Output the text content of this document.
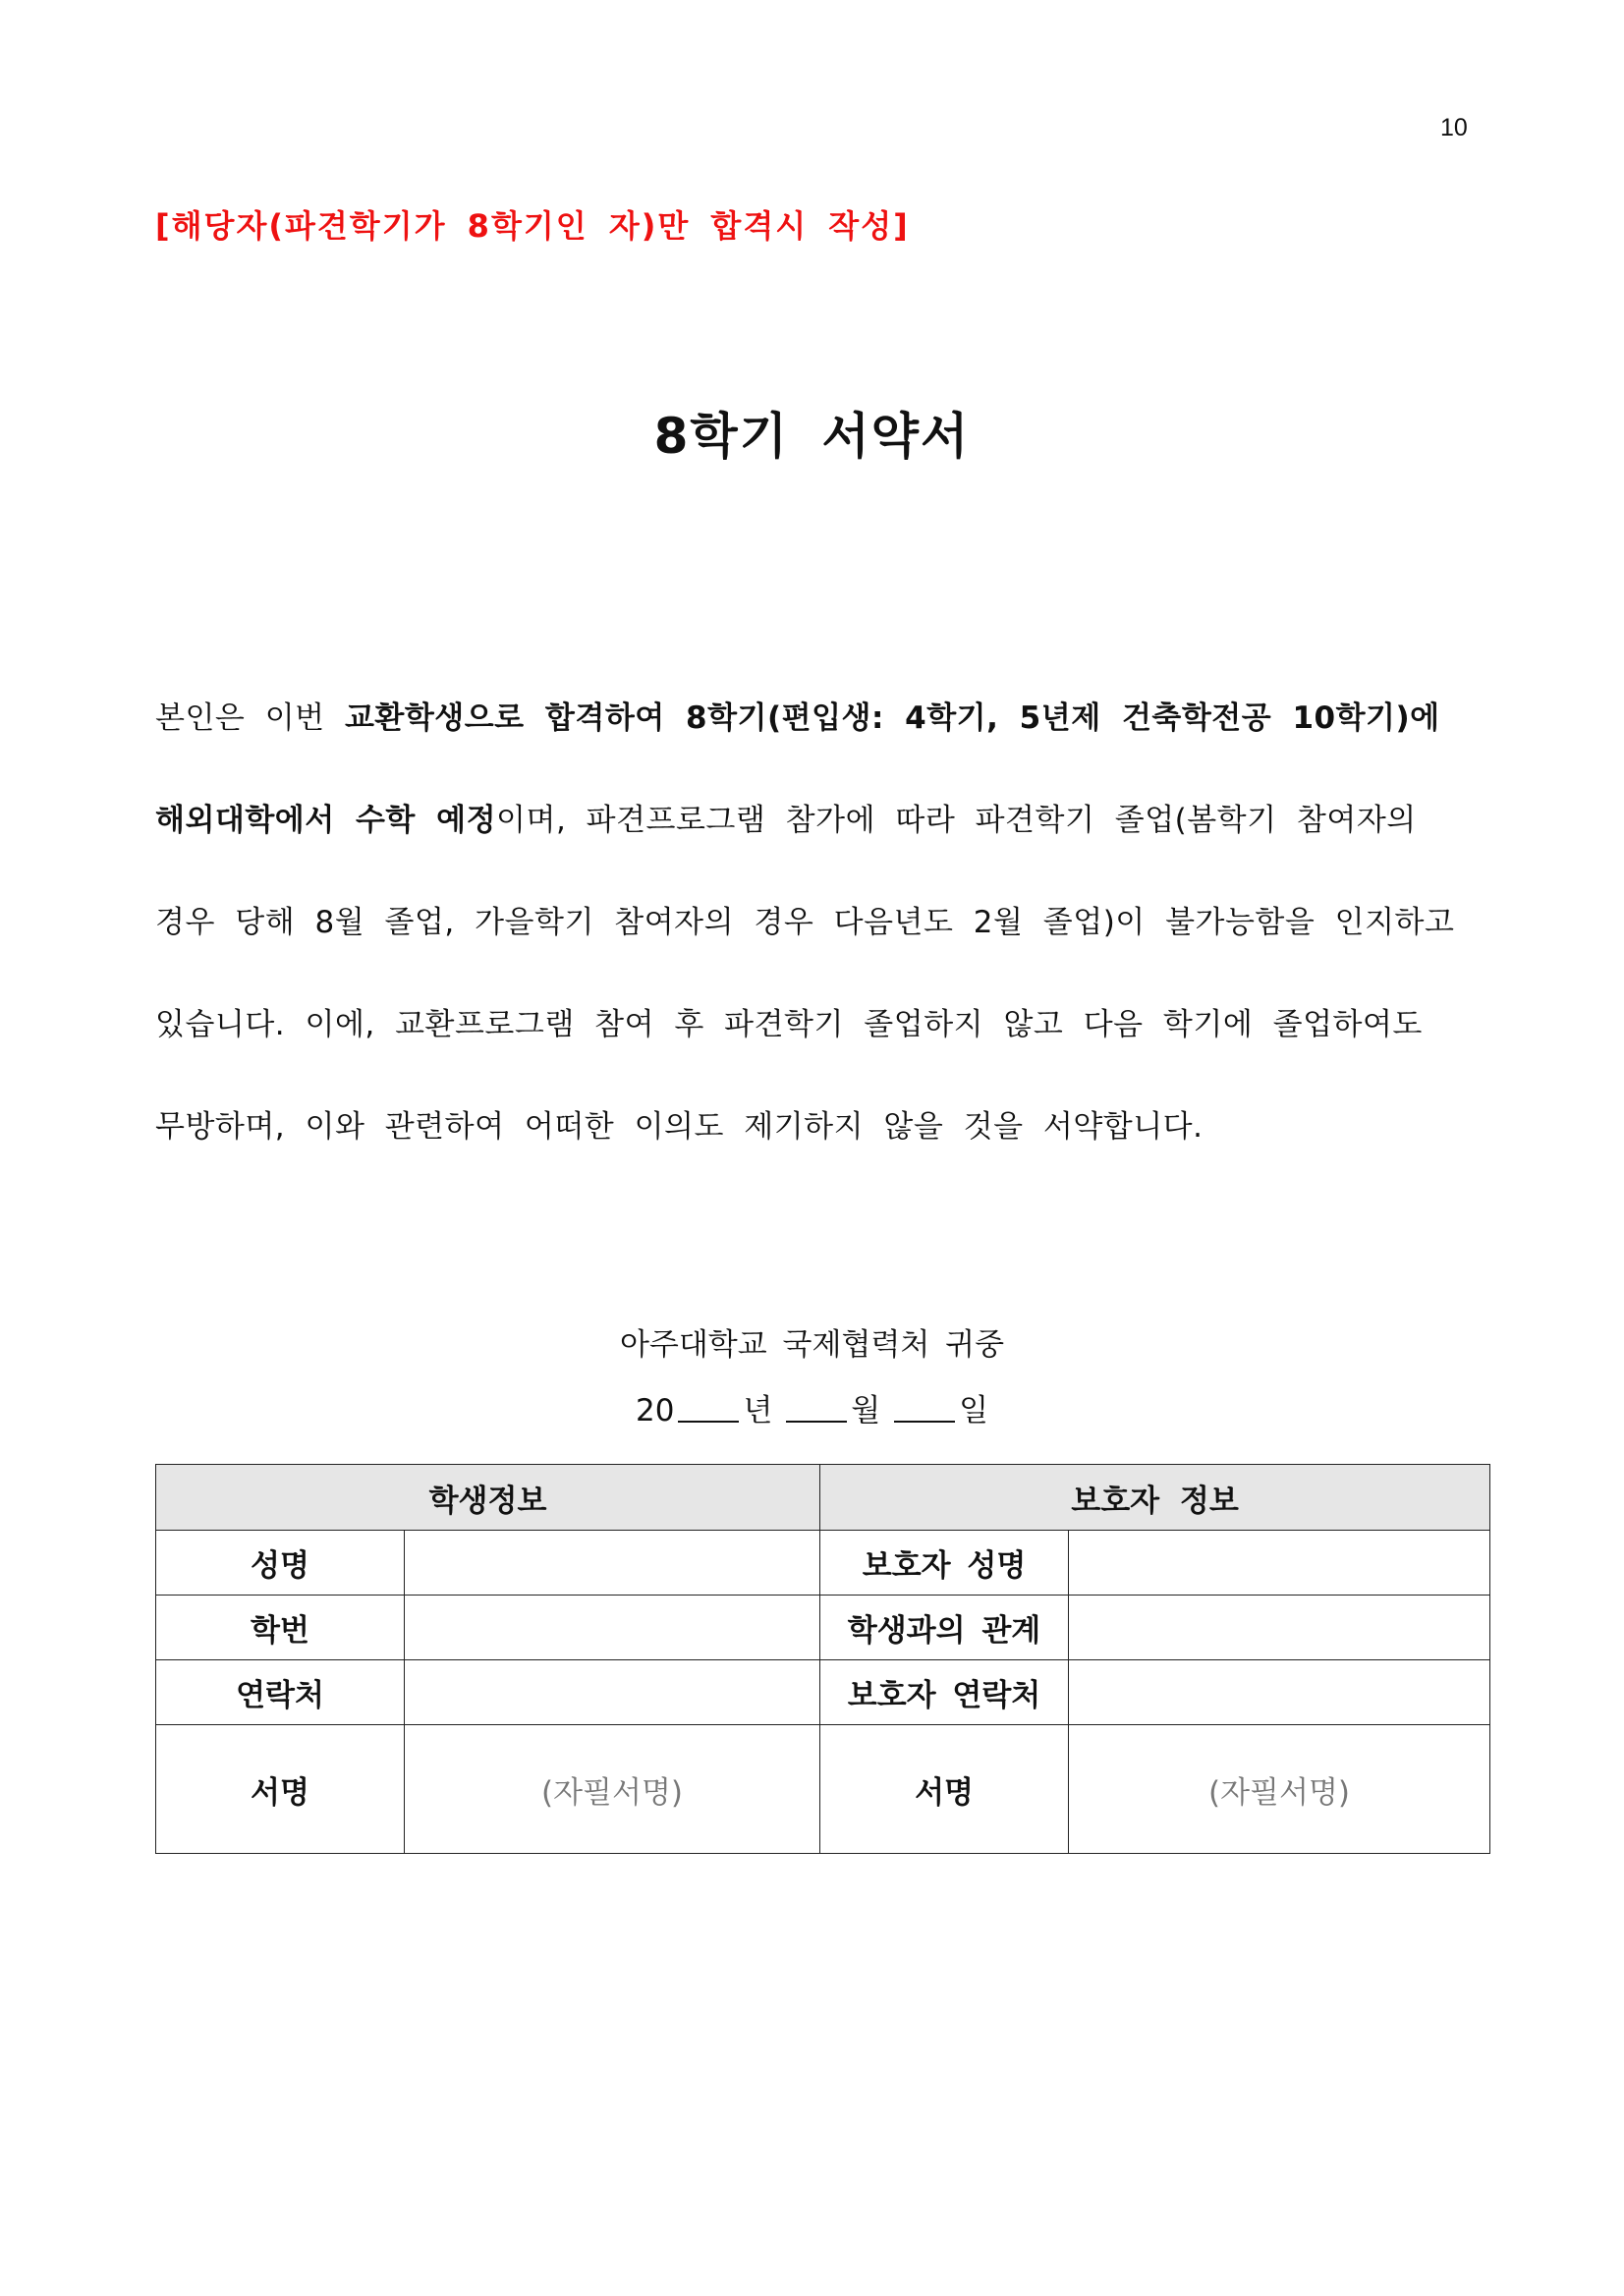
10
[해당자(파견학기가 8학기인 자)만 합격시 작성]
8학기 서약서
본인은 이번 교환학생으로 합격하여 8학기(편입생: 4학기, 5년제 건축학전공 10학기)에
해외대학에서 수학 예정이며, 파견프로그램 참가에 따라 파견학기 졸업(봄학기 참여자의
경우 당해 8월 졸업, 가을학기 참여자의 경우 다음년도 2월 졸업)이 불가능함을 인지하고
있습니다. 이에, 교환프로그램 참여 후 파견학기 졸업하지 않고 다음 학기에 졸업하여도
무방하며, 이와 관련하여 어떠한 이의도 제기하지 않을 것을 서약합니다.
아주대학교 국제협력처 귀중
20 년	월	일
학생정보		보호자 정보	
성명		보호자 성명	
학번		학생과의 관계	
연락처		보호자 연락처	
서명	(자필서명)	서명	(자필서명)
